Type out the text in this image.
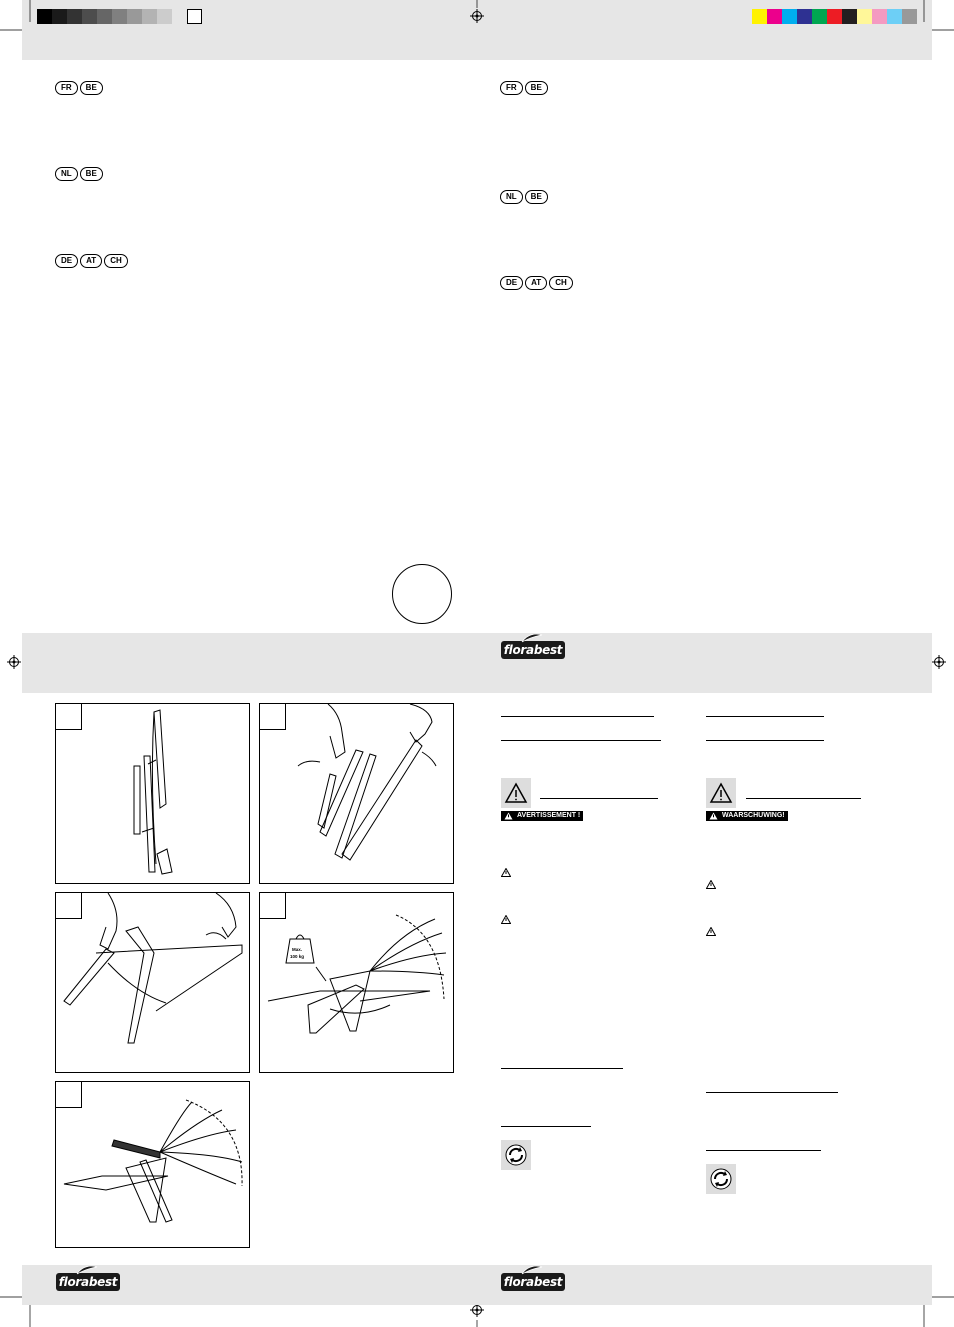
FR BE
NL BE
DE AT CH
FR BE
NL BE
DE AT CH
florabest
Max.
100 kg
AVERTISSEMENT !	WAARSCHUWING!
florabest	florabest
